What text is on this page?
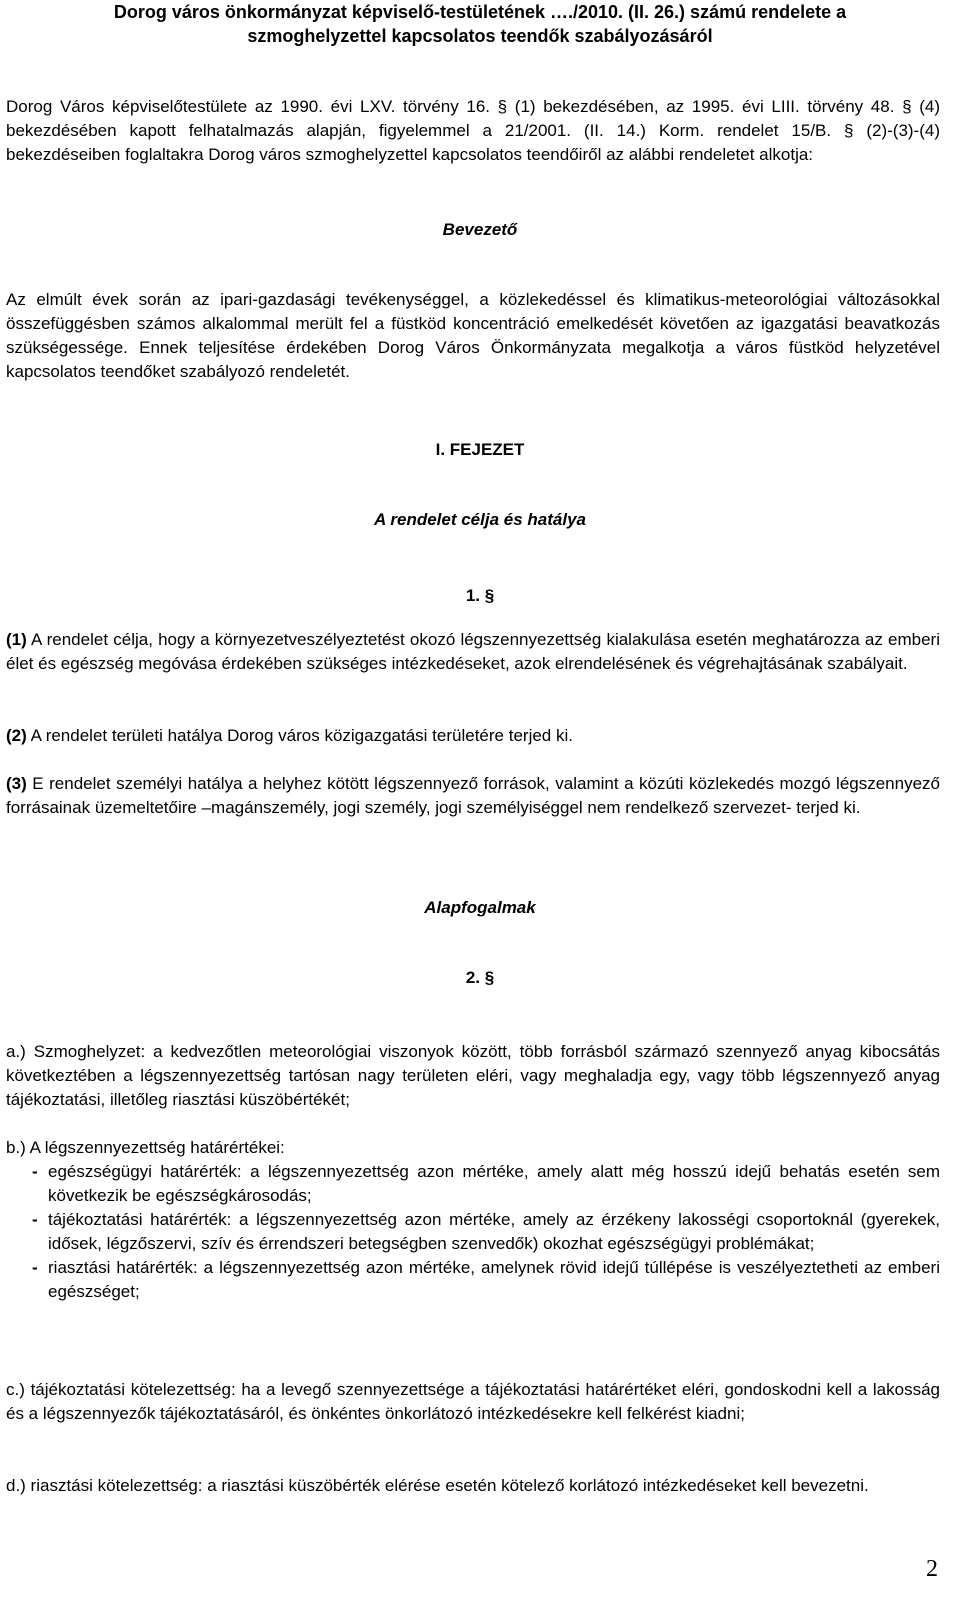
Dorog város önkormányzat képviselő-testületének …./2010. (II. 26.) számú rendelete a
szmoghelyzettel kapcsolatos teendők szabályozásáról

Dorog Város képviselőtestülete az 1990. évi LXV. törvény 16. § (1) bekezdésében, az 1995. évi LIII. törvény 48. § (4) bekezdésében kapott felhatalmazás alapján, figyelemmel a 21/2001. (II. 14.) Korm. rendelet 15/B. § (2)-(3)-(4) bekezdéseiben foglaltakra Dorog város szmoghelyzettel kapcsolatos teendőiről az alábbi rendeletet alkotja:

Bevezető

Az elmúlt évek során az ipari-gazdasági tevékenységgel, a közlekedéssel és klimatikus-meteorológiai változásokkal összefüggésben számos alkalommal merült fel a füstköd koncentráció emelkedését követően az igazgatási beavatkozás szükségessége. Ennek teljesítése érdekében Dorog Város Önkormányzata megalkotja a város füstköd helyzetével kapcsolatos teendőket szabályozó rendeletét.

I. FEJEZET

A rendelet célja és hatálya

1. §

(1) A rendelet célja, hogy a környezetveszélyeztetést okozó légszennyezettség kialakulása esetén meghatározza az emberi élet és egészség megóvása érdekében szükséges intézkedéseket, azok elrendelésének és végrehajtásának szabályait.

(2) A rendelet területi hatálya Dorog város közigazgatási területére terjed ki.

(3) E rendelet személyi hatálya a helyhez kötött légszennyező források, valamint a közúti közlekedés mozgó légszennyező forrásainak üzemeltetőire –magánszemély, jogi személy, jogi személyiséggel nem rendelkező szervezet- terjed ki.

Alapfogalmak

2. §

a.) Szmoghelyzet: a kedvezőtlen meteorológiai viszonyok között, több forrásból származó szennyező anyag kibocsátás következtében a légszennyezettség tartósan nagy területen eléri, vagy meghaladja egy, vagy több légszennyező anyag tájékoztatási, illetőleg riasztási küszöbértékét;

b.) A légszennyezettség határértékei:

- egészségügyi határérték: a légszennyezettség azon mértéke, amely alatt még hosszú idejű behatás esetén sem következik be egészségkárosodás;
- tájékoztatási határérték: a légszennyezettség azon mértéke, amely az érzékeny lakosségi csoportoknál (gyerekek, idősek, légzőszervi, szív és érrendszeri betegségben szenvedők) okozhat egészségügyi problémákat;
- riasztási határérték: a légszennyezettség azon mértéke, amelynek rövid idejű túllépése is veszélyeztetheti az emberi egészséget;

c.) tájékoztatási kötelezettség: ha a levegő szennyezettsége a tájékoztatási határértéket eléri, gondoskodni kell a lakosság és a légszennyezők tájékoztatásáról, és önkéntes önkorlátozó intézkedésekre kell felkérést kiadni;

d.) riasztási kötelezettség: a riasztási küszöbérték elérése esetén kötelező korlátozó intézkedéseket kell bevezetni.

2
